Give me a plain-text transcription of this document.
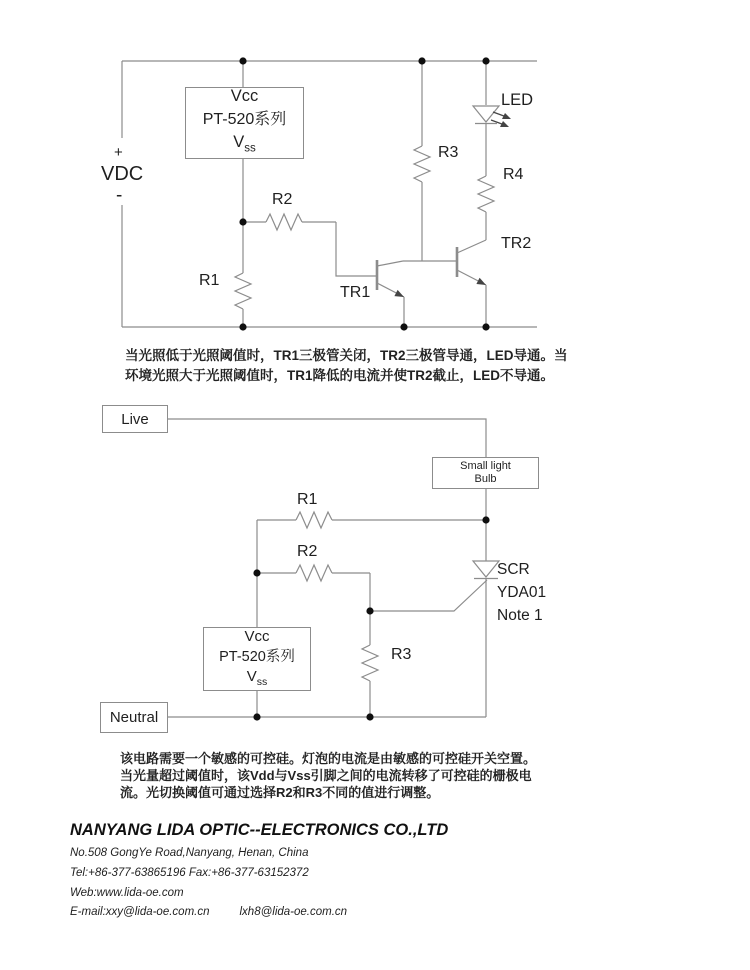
+
VDC
-
Vcc
PT-520系列
$V_{ss}$
R2
R1
R3
LED
R4
TR2
TR1
当光照低于光照阈值时，TR1三极管关闭，TR2三极管导通，LED导通。当
环境光照大于光照阈值时，TR1降低的电流并使TR2截止，LED不导通。
Live
Small light
Bulb
R1
R2
R3
SCR
YDA01
Note 1
Vcc
PT-520系列
$V_{ss}$
Neutral
该电路需要一个敏感的可控硅。灯泡的电流是由敏感的可控硅开关空置。
当光量超过阈值时，该Vdd与Vss引脚之间的电流转移了可控硅的栅极电
流。光切换阈值可通过选择R2和R3不同的值进行调整。
NANYANG LIDA OPTIC--ELECTRONICS CO.,LTD
No.508 GongYe Road,Nanyang, Henan, China
Tel:+86-377-63865196 Fax:+86-377-63152372
Web:www.lida-oe.com
E-mail:xxy@lida-oe.com.cn	lxh8@lida-oe.com.cn
